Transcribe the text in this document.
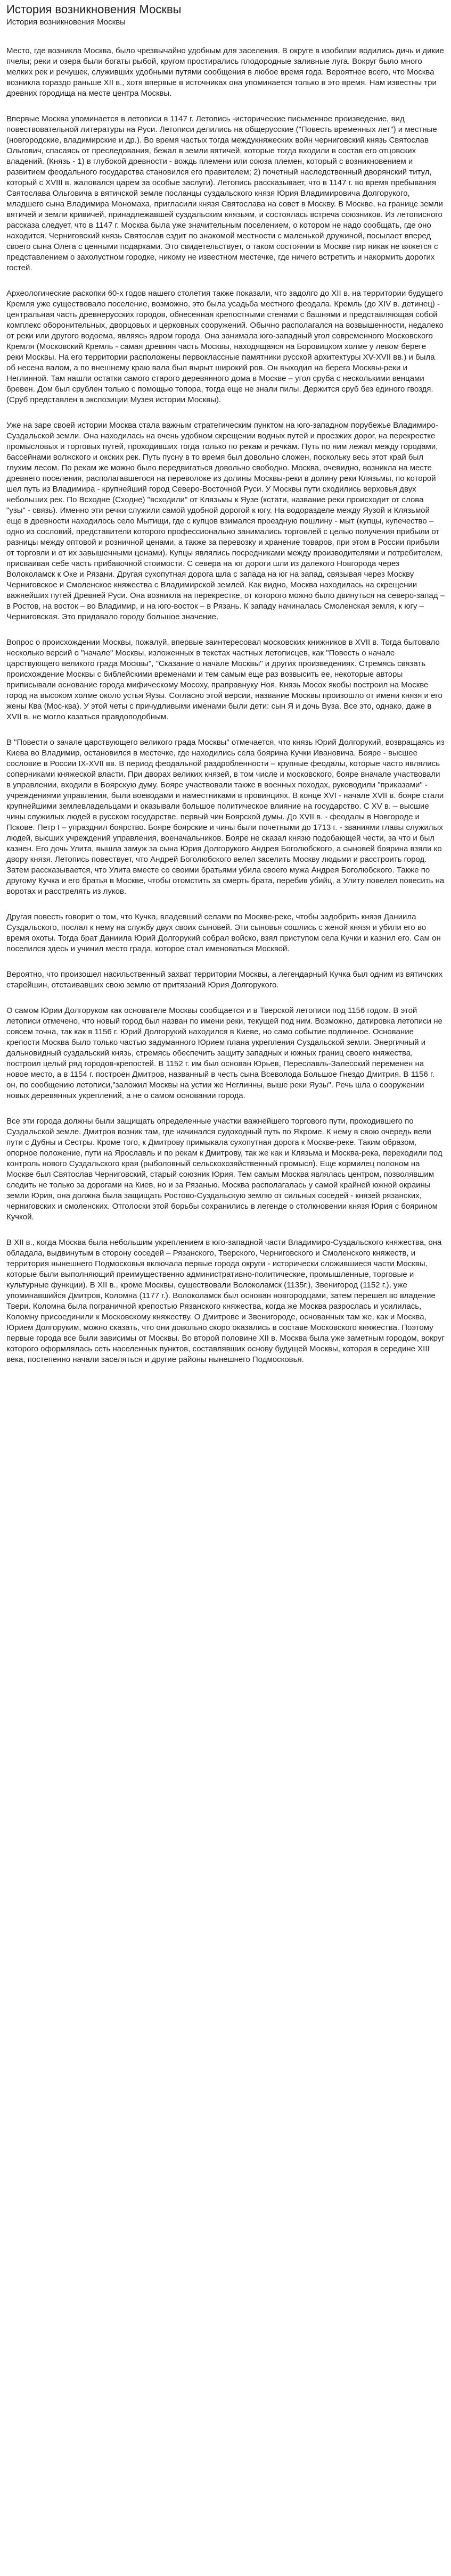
История возникновения Москвы
История возникновения Москвы

Место, где возникла Москва, было чрезвычайно удобным для заселения. В округе в изобилии водились дичь и дикие пчелы; реки и озера были богаты рыбой, кругом простирались плодородные заливные луга. Вокруг было много мелких рек и речушек, служивших удобными путями сообщения в любое время года. Вероятнее всего, что Москва возникла гораздо раньше XII в., хотя впервые в источниках она упоминается только в это время. Нам известны три древних городища на месте центра Москвы.

Впервые Москва упоминается в летописи в 1147 г. Летопись -исторические письменное произведение, вид повествовательной литературы на Руси. Летописи делились на общерусские ("Повесть временных лет") и местные (новгородские, владимирские и др.). Во время частых тогда междукняжеских войн черниговский князь Святослав Ольгович, спасаясь от преследования, бежал в земли вятичей, которые тогда входили в состав его отцовских владений. (Князь - 1) в глубокой древности - вождь племени или союза племен, который с возникновением и развитием феодального государства становился его правителем; 2) почетный наследственный дворянский титул, который с XVIII в. жаловался царем за особые заслуги). Летопись рассказывает, что в 1147 г. во время пребывания Святослава Ольговича в вятичской земле посланцы суздальского князя Юрия Владимировича Долгорукого, младшего сына Владимира Мономаха, пригласили князя Святослава на совет в Москву. В Москве, на границе земли вятичей и земли кривичей, принадлежавшей суздальским князьям, и состоялась встреча союзников. Из летописного рассказа следует, что в 1147 г. Москва была уже значительным поселением, о котором не надо сообщать, где оно находится. Черниговский князь Святослав ездит по знакомой местности с маленькой дружиной, посылает вперед своего сына Олега с ценными подарками. Это свидетельствует, о таком состоянии в Москве пир никак не вяжется с представлением о захолустном городке, никому не известном местечке, где ничего встретить и накормить дорогих гостей.

Археологические раскопки 60-х годов нашего столетия также показали, что задолго до XII в. на территории будущего Кремля уже существовало поселение, возможно, это была усадьба местного феодала. Кремль (до XIV в. детинец) - центральная часть древнерусских городов, обнесенная крепостными стенами с башнями и представляющая собой комплекс оборонительных, дворцовых и церковных сооружений. Обычно располагался на возвышенности, недалеко от реки или другого водоема, являясь ядром города. Она занимала юго-западный угол современного Московского Кремля (Московский Кремль - самая древняя часть Москвы, находящаяся на Боровицком холме у левом береге реки Москвы. На его территории расположены первоклассные памятники русской архитектуры XV-XVII вв.) и была об несена валом, а по внешнему краю вала был вырыт широкий ров. Он выходил на берега Москвы-реки и Неглинной. Там нашли остатки самого старого деревянного дома в Москве – угол сруба с несколькими венцами бревен. Дом был срублен только с помощью топора, тогда еще не знали пилы. Держится сруб без единого гвоздя. (Сруб представлен в экспозиции Музея истории Москвы).

Уже на заре своей истории Москва стала важным стратегическим пунктом на юго-западном порубежье Владимиро-Суздальской земли. Она находилась на очень удобном скрещении водных путей и проезжих дорог, на перекрестке промысловых и торговых путей, проходивших тогда только по рекам и речкам. Путь по ним лежал между городами, бассейнами волжского и окских рек. Путь пусну в то время был довольно сложен, поскольку весь этот край был глухим лесом. По рекам же можно было передвигаться довольно свободно. Москва, очевидно, возникла на месте древнего поселения, располагавшегося на переволоке из долины Москвы-реки в долину реки Клязьмы, по которой шел путь из Владимира - крупнейший город Северо-Восточной Руси. У Москвы пути сходились верховья двух небольших рек. По Всходне (Сходне) "всходили" от Клязьмы к Яузе (кстати, название реки происходит от слова "узы" - связь). Именно эти речки служили самой удобной дорогой к югу. На водоразделе между Яузой и Клязьмой еще в древности находилось село Мытищи, где с купцов взимался проездную пошлину - мыт (купцы, купечество – одно из сословий, представители которого профессионально занимались торговлей с целью получения прибыли от разницы между оптовой и розничной ценами, а также за перевозку и хранение товаров, при этом в России прибыли от торговли и от их завышенными ценами). Купцы являлись посредниками между производителями и потребителем, присваивая себе часть прибавочной стоимости. С севера на юг дороги шли из далекого Новгорода через Волоколамск к Оке и Рязани. Другая сухопутная дорога шла с запада на юг на запад, связывая через Москву Черниговское и Смоленское княжества с Владимирской землей. Как видно, Москва находилась на скрещении важнейших путей Древней Руси. Она возникла на перекрестке, от которого можно было двинуться на северо-запад – в Ростов, на восток – во Владимир, и на юго-восток – в Рязань. К западу начиналась Смоленская земля, к югу – Черниговская. Это придавало городу большое значение.

Вопрос о происхождении Москвы, пожалуй, впервые заинтересовал московских книжников в XVII в. Тогда бытовало несколько версий о "начале" Москвы, изложенных в текстах частных летописцев, как "Повесть о начале царствующего великого града Москвы", "Сказание о начале Москвы" и других произведениях. Стремясь связать происхождение Москвы с библейскими временами и тем самым еще раз возвысить ее, некоторые авторы приписывали основание города мифическому Мосоху, праправнуку Ноя. Князь Мосох якобы построил на Москве город на высоком холме около устья Яузы. Согласно этой версии, название Москвы произошло от имени князя и его жены Ква (Мос-ква). У этой четы с причудливыми именами были дети: сын Я и дочь Вуза. Все это, однако, даже в XVII в. не могло казаться правдоподобным.

В "Повести о зачале царствующего великого града Москвы" отмечается, что князь Юрий Долгорукий, возвращаясь из Киева во Владимир, остановился в местечке, где находились села боярина Кучки Ивановича. Бояре - высшее сословие в России IX-XVII вв. В период феодальной раздробленности – крупные феодалы, которые часто являлись соперниками княжеской власти. При дворах великих князей, в том числе и московского, бояре вначале участвовали в управлении, входили в Боярскую думу. Бояре участвовали также в военных походах, руководили "приказами" - учреждениями управления, были воеводами и наместниками в провинциях. В конце XVI - начале XVII в. бояре стали крупнейшими землевладельцами и оказывали большое политическое влияние на государство. С XV в. – высшие чины служилых людей в русском государстве, первый чин Боярской думы. До XVII в. - феодалы в Новгороде и Пскове. Петр I – упразднил боярство. Бояре боярские и чины были почетными до 1713 г. - званиями главы служилых людей, высших учреждений управления, военачальников. Бояре не сказал князю подобающей чести, за что и был казнен. Его дочь Улита, вышла замуж за сына Юрия Долгорукого Андрея Боголюбского, а сыновей боярина взяли ко двору князя. Летопись повествует, что Андрей Боголюбского велел заселить Москву людьми и расстроить город. Затем рассказывается, что Улита вместе со своими братьями убила своего мужа Андрея Боголюбского. Также по другому Кучка и его братья в Москве, чтобы отомстить за смерть брата, перебив убийц, а Улиту повелел повесить на воротах и расстрелять из луков.

Другая повесть говорит о том, что Кучка, владевший селами по Москве-реке, чтобы задобрить князя Даниила Суздальского, послал к нему на службу двух своих сыновей. Эти сыновья сошлись с женой князя и убили его во время охоты. Тогда брат Даниила Юрий Долгорукий собрал войско, взял приступом села Кучки и казнил его. Сам он поселился здесь и учинил место града, которое стал именоваться Москвой.

Вероятно, что произошел насильственный захват территории Москвы, а легендарный Кучка был одним из вятичских старейшин, отстаивавших свою землю от притязаний Юрия Долгорукого.

О самом Юрии Долгоруком как основателе Москвы сообщается и в Тверской летописи под 1156 годом. В этой летописи отмечено, что новый город был назван по имени реки, текущей под ним. Возможно, датировка летописи не совсем точна, так как в 1156 г. Юрий Долгорукий находился в Киеве, но само событие подлинное. Основание крепости Москва было только частью задуманного Юрием плана укрепления Суздальской земли. Энергичный и дальновидный суздальский князь, стремясь обеспечить защиту западных и южных границ своего княжества, построил целый ряд городов-крепостей. В 1152 г. им был основан Юрьев, Переславль-Залесский переменен на новое место, а в 1154 г. построен Дмитров, названный в честь сына Всеволода Большое Гнездо Дмитрия. В 1156 г. он, по сообщению летописи,"заложил Москвы на устии же Неглинны, выше реки Яузы". Речь шла о сооружении новых деревянных укреплений, а не о самом основании города.

Все эти города должны были защищать определенные участки важнейшего торгового пути, проходившего по Суздальской земле. Дмитров возник там, где начинался судоходный путь по Яхроме. К нему в свою очередь вели пути с Дубны и Сестры. Кроме того, к Дмитрову примыкала сухопутная дорога к Москве-реке. Таким образом, опорное положение, пути на Ярославль и по рекам к Дмитрову, так же как и Клязьма и Москва-река, переходили под контроль нового Суздальского края (рыболовный сельскохозяйственный промысл). Еще кормилец полоном на Москве был Святослав Черниговский, старый союзник Юрия. Тем самым Москва являлась центром, позволявшим следить не только за дорогами на Киев, но и за Рязанью. Москва располагалась у самой крайней южной окраины земли Юрия, она должна была защищать Ростово-Суздальскую землю от сильных соседей - князей рязанских, черниговских и смоленских. Отголоски этой борьбы сохранились в легенде о столкновении князя Юрия с боярином Кучкой.

В XII в., когда Москва была небольшим укреплением в юго-западной части Владимиро-Суздальского княжества, она обладала, выдвинутым в сторону соседей – Рязанского, Тверского, Черниговского и Смоленского княжеств, и территория нынешнего Подмосковья включала первые города округи - исторически сложившиеся части Москвы, которые были выполняющий преимущественно административно-политические, промышленные, торговые и культурные функции). В XII в., кроме Москвы, существовали Волоколамск (1135г.), Звенигород (1152 г.), уже упоминавшийся Дмитров, Коломна (1177 г.). Волоколамск был основан новгородцами, затем перешел во владение Твери. Коломна была пограничной крепостью Рязанского княжества, когда же Москва разрослась и усилилась, Коломну присоединили к Московскому княжеству. О Дмитрове и Звенигороде, основанных там же, как и Москва, Юрием Долгоруким, можно сказать, что они довольно скоро оказались в составе Московского княжества. Поэтому первые города все были зависимы от Москвы. Во второй половине XII в. Москва была уже заметным городом, вокруг которого оформлялась сеть населенных пунктов, составлявших основу будущей Москвы, которая в середине XIII века, постепенно начали заселяться и другие районы нынешнего Подмосковья.
